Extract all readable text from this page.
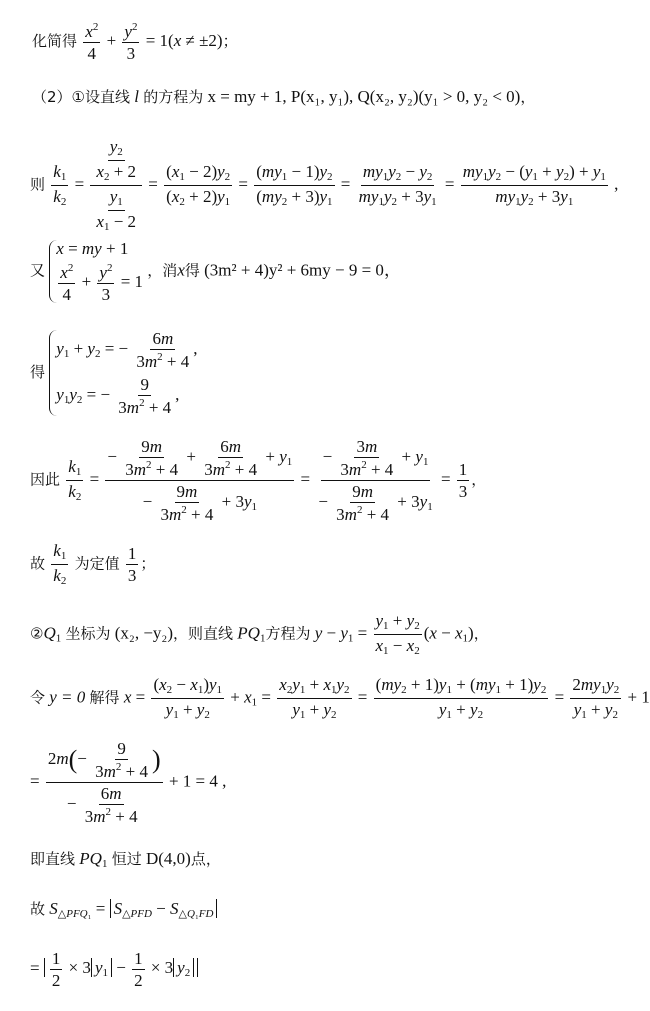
化简得 $\frac{x^2}{4} + \frac{y^2}{3} = 1(x \ne \pm 2)$；
（2）①设直线 l 的方程为 x = my + 1, P(x₁, y₁), Q(x₂, y₂)(y₁ > 0, y₂ < 0)，
则 $\frac{k_1}{k_2} = \frac{\frac{y_2}{x_2 + 2}}{\frac{y_1}{x_1 - 2}} = \frac{(x_1 - 2)y_2}{(x_2 + 2)y_1} = \frac{(my_1 - 1)y_2}{(my_2 + 3)y_1} = \frac{my_1y_2 - y_2}{my_1y_2 + 3y_1} = \frac{my_1y_2 - (y_1 + y_2) + y_1}{my_1y_2 + 3y_1}$ ,
又
x = my + 1
$\frac{x^2}{4} + \frac{y^2}{3} = 1$
，消x得 (3m² + 4)y² + 6my − 9 = 0，
得
$y_1 + y_2$ = − $\frac{6m}{3m^2 + 4}$ ,
$y_1y_2$ = − $\frac{9}{3m^2 + 4}$ ,
因此 $\frac{k_1}{k_2} = \frac{- \frac{9m}{3m^2 + 4} + \frac{6m}{3m^2 + 4} + y_1}{- \frac{9m}{3m^2 + 4} + 3y_1} = \frac{- \frac{3m}{3m^2 + 4} + y_1}{- \frac{9m}{3m^2 + 4} + 3y_1} = \frac{1}{3}$ ，
故 $\frac{k_1}{k_2}$ 为定值 $\frac{1}{3}$ ；
$②Q_1$ 坐标为 (x₂, −y₂)，则直线 $PQ_1$方程为 $y - y_1 = \frac{y_1 + y_2}{x_1 - x_2} (x - x_1)$，
令 y = 0 解得 $x = \frac{(x_2 - x_1)y_1}{y_1 + y_2} + x_1 = \frac{x_2y_1 + x_1y_2}{y_1 + y_2} = \frac{(my_2 + 1)y_1 + (my_1 + 1)y_2}{y_1 + y_2} = \frac{2my_1y_2}{y_1 + y_2} + 1$
= $\frac{2m(- \frac{9}{3m^2 + 4} )}{- \frac{6m}{3m^2 + 4}} + 1 = 4$ ,
即直线 $PQ_1$ 恒过 D(4,0)点，
故 $S_{\triangle PFQ_1} = S_{\triangle PFD} - S_{\triangle Q_1FD}$
= $\frac{1}{2} \times 3$ $y_1 - \frac{1}{2} \times 3$ $y_2$
